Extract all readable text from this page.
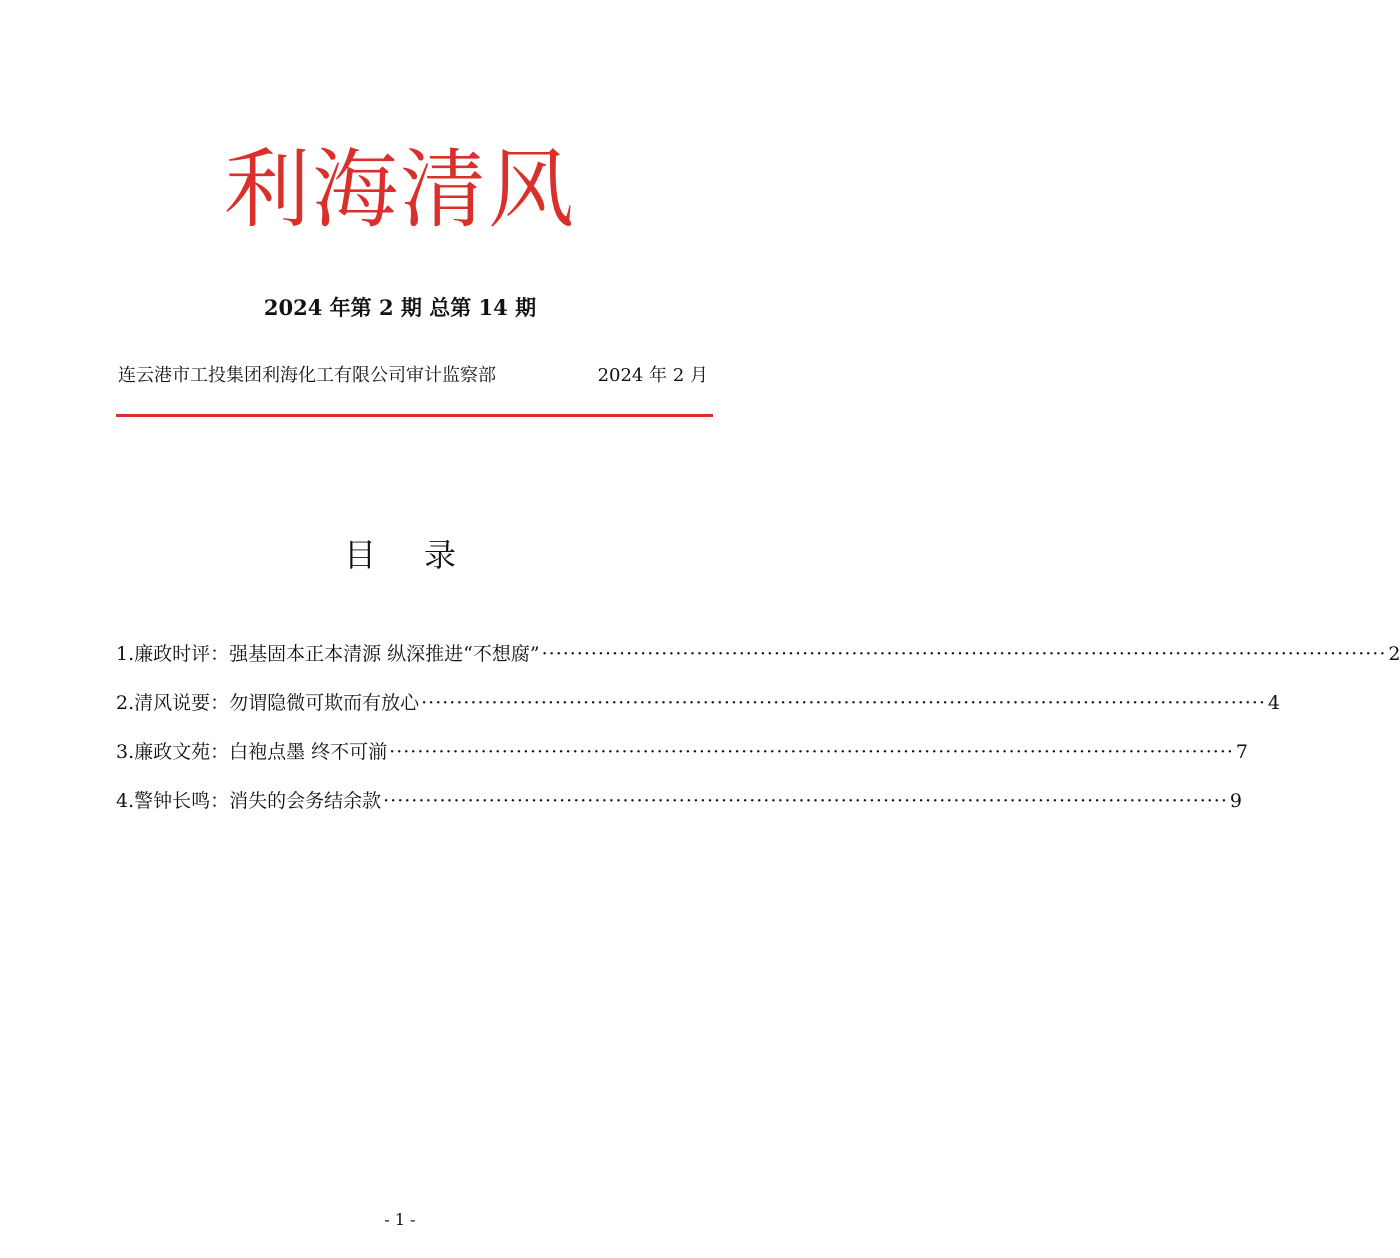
利海清风
2024 年第 2 期 总第 14 期
连云港市工投集团利海化工有限公司审计监察部	2024 年 2 月
目 录
1.廉政时评：强基固本正本清源 纵深推进“不想腐” ························································································································ 2
2.清风说要：勿谓隐微可欺而有放心 ························································································································ 4
3.廉政文苑：白袍点墨 终不可湔 ························································································································ 7
4.警钟长鸣：消失的会务结余款 ························································································································ 9
- 1 -
